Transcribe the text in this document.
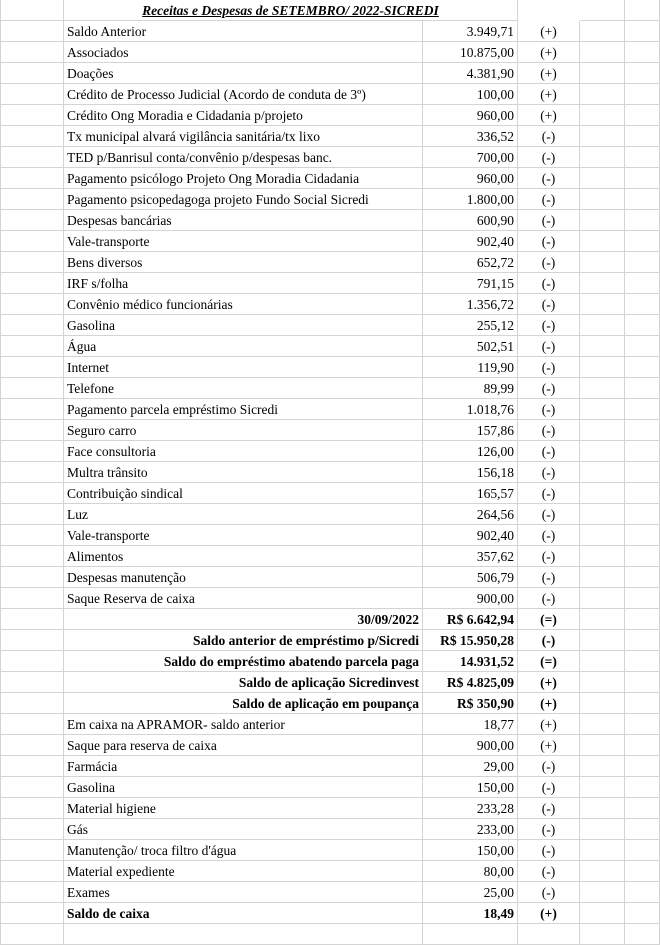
Receitas e Despesas de SETEMBRO/ 2022-SICREDI
Saldo Anterior	3.949,71	(+)
Associados	10.875,00	(+)
Doações	4.381,90	(+)
Crédito de Processo Judicial (Acordo de conduta de 3º)	100,00	(+)
Crédito Ong Moradia e Cidadania p/projeto	960,00	(+)
Tx municipal alvará vigilância sanitária/tx lixo	336,52	(-)
TED p/Banrisul conta/convênio p/despesas banc.	700,00	(-)
Pagamento psicólogo Projeto Ong Moradia Cidadania	960,00	(-)
Pagamento psicopedagoga projeto Fundo Social Sicredi	1.800,00	(-)
Despesas bancárias	600,90	(-)
Vale-transporte	902,40	(-)
Bens diversos	652,72	(-)
IRF s/folha	791,15	(-)
Convênio médico funcionárias	1.356,72	(-)
Gasolina	255,12	(-)
Água	502,51	(-)
Internet	119,90	(-)
Telefone	89,99	(-)
Pagamento parcela empréstimo Sicredi	1.018,76	(-)
Seguro carro	157,86	(-)
Face consultoria	126,00	(-)
Multra trânsito	156,18	(-)
Contribuição sindical	165,57	(-)
Luz	264,56	(-)
Vale-transporte	902,40	(-)
Alimentos	357,62	(-)
Despesas manutenção	506,79	(-)
Saque Reserva de caixa	900,00	(-)
30/09/2022	R$ 6.642,94	(=)
Saldo anterior de empréstimo p/Sicredi	R$ 15.950,28	(-)
Saldo do empréstimo abatendo parcela paga	14.931,52	(=)
Saldo de aplicação Sicredinvest	R$ 4.825,09	(+)
Saldo de aplicação em poupança	R$ 350,90	(+)
Em caixa na APRAMOR- saldo anterior	18,77	(+)
Saque para reserva de caixa	900,00	(+)
Farmácia	29,00	(-)
Gasolina	150,00	(-)
Material higiene	233,28	(-)
Gás	233,00	(-)
Manutenção/ troca filtro d'água	150,00	(-)
Material expediente	80,00	(-)
Exames	25,00	(-)
Saldo de caixa	18,49	(+)
